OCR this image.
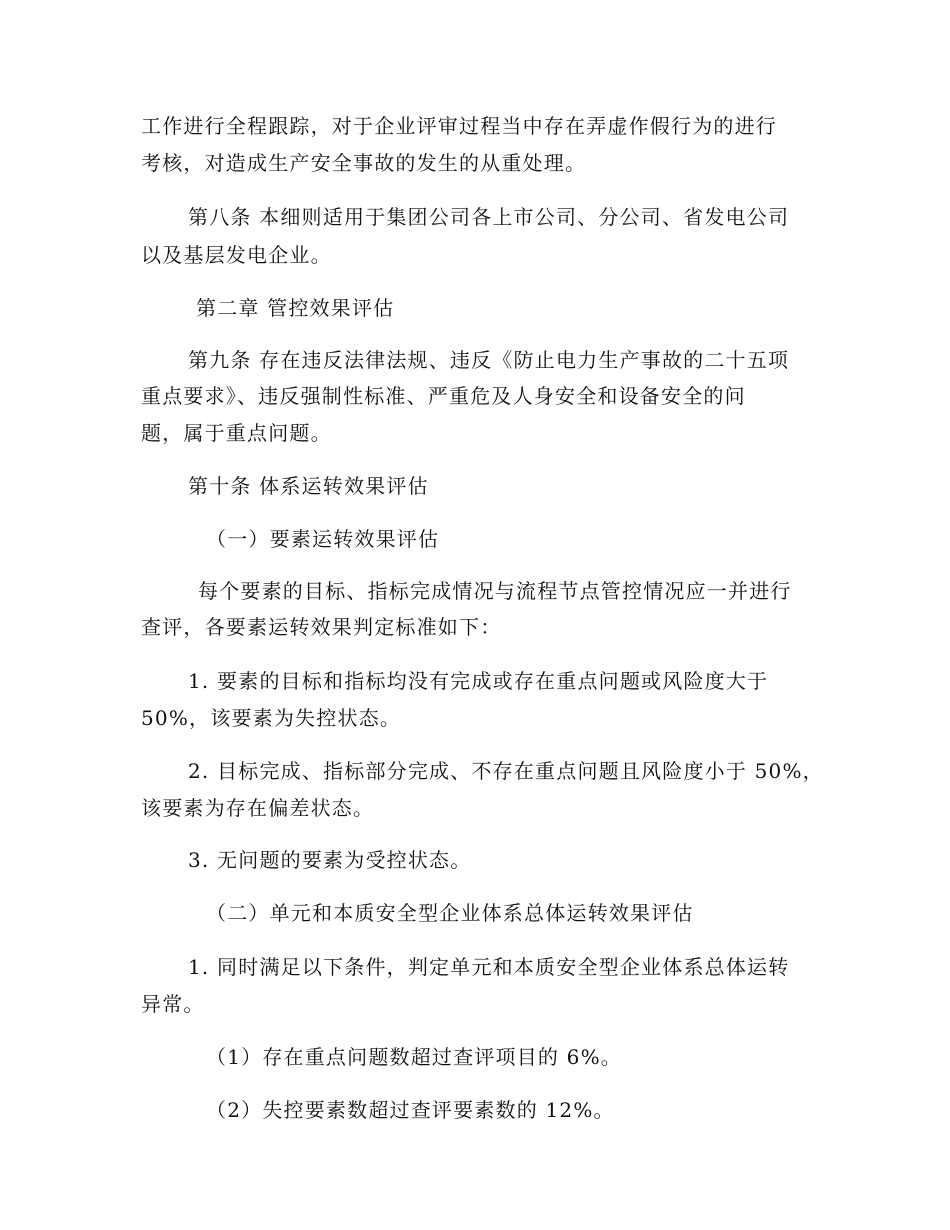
工作进行全程跟踪，对于企业评审过程当中存在弄虚作假行为的进行

考核，对造成生产安全事故的发生的从重处理。

第八条 本细则适用于集团公司各上市公司、分公司、省发电公司

以及基层发电企业。

第二章 管控效果评估

第九条 存在违反法律法规、违反《防止电力生产事故的二十五项

重点要求》、违反强制性标准、严重危及人身安全和设备安全的问

题，属于重点问题。

第十条 体系运转效果评估

（一）要素运转效果评估

每个要素的目标、指标完成情况与流程节点管控情况应一并进行

查评，各要素运转效果判定标准如下：

1. 要素的目标和指标均没有完成或存在重点问题或风险度大于

50%，该要素为失控状态。

2. 目标完成、指标部分完成、不存在重点问题且风险度小于 50%，

该要素为存在偏差状态。

3. 无问题的要素为受控状态。

（二）单元和本质安全型企业体系总体运转效果评估

1. 同时满足以下条件，判定单元和本质安全型企业体系总体运转

异常。

（1）存在重点问题数超过查评项目的 6%。

（2）失控要素数超过查评要素数的 12%。
